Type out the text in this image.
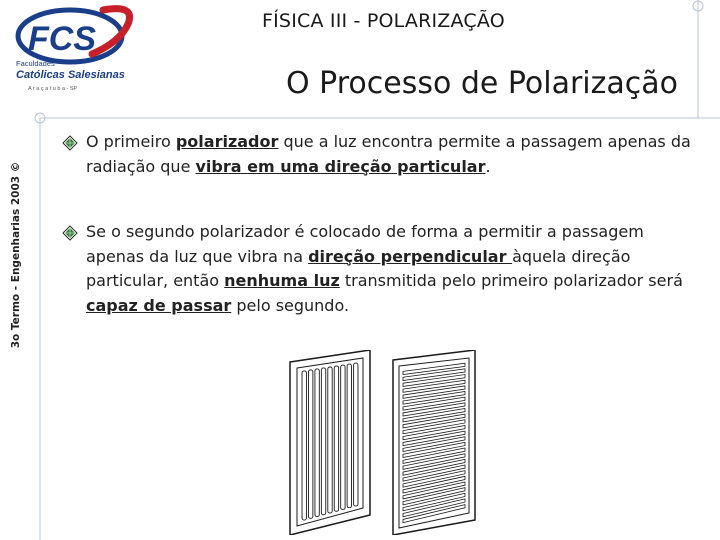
FCS
Faculdades
Católicas Salesianas
A r a ç a t u b a - SP
FÍSICA III - POLARIZAÇÃO
O Processo de Polarização
3o Termo - Engenharias 2003 ©
O primeiro polarizador que a luz encontra permite a passagem apenas da radiação que vibra em uma direção particular.
Se o segundo polarizador é colocado de forma a permitir a passagem apenas da luz que vibra na direção perpendicular àquela direção particular, então nenhuma luz transmitida pelo primeiro polarizador será capaz de passar pelo segundo.
